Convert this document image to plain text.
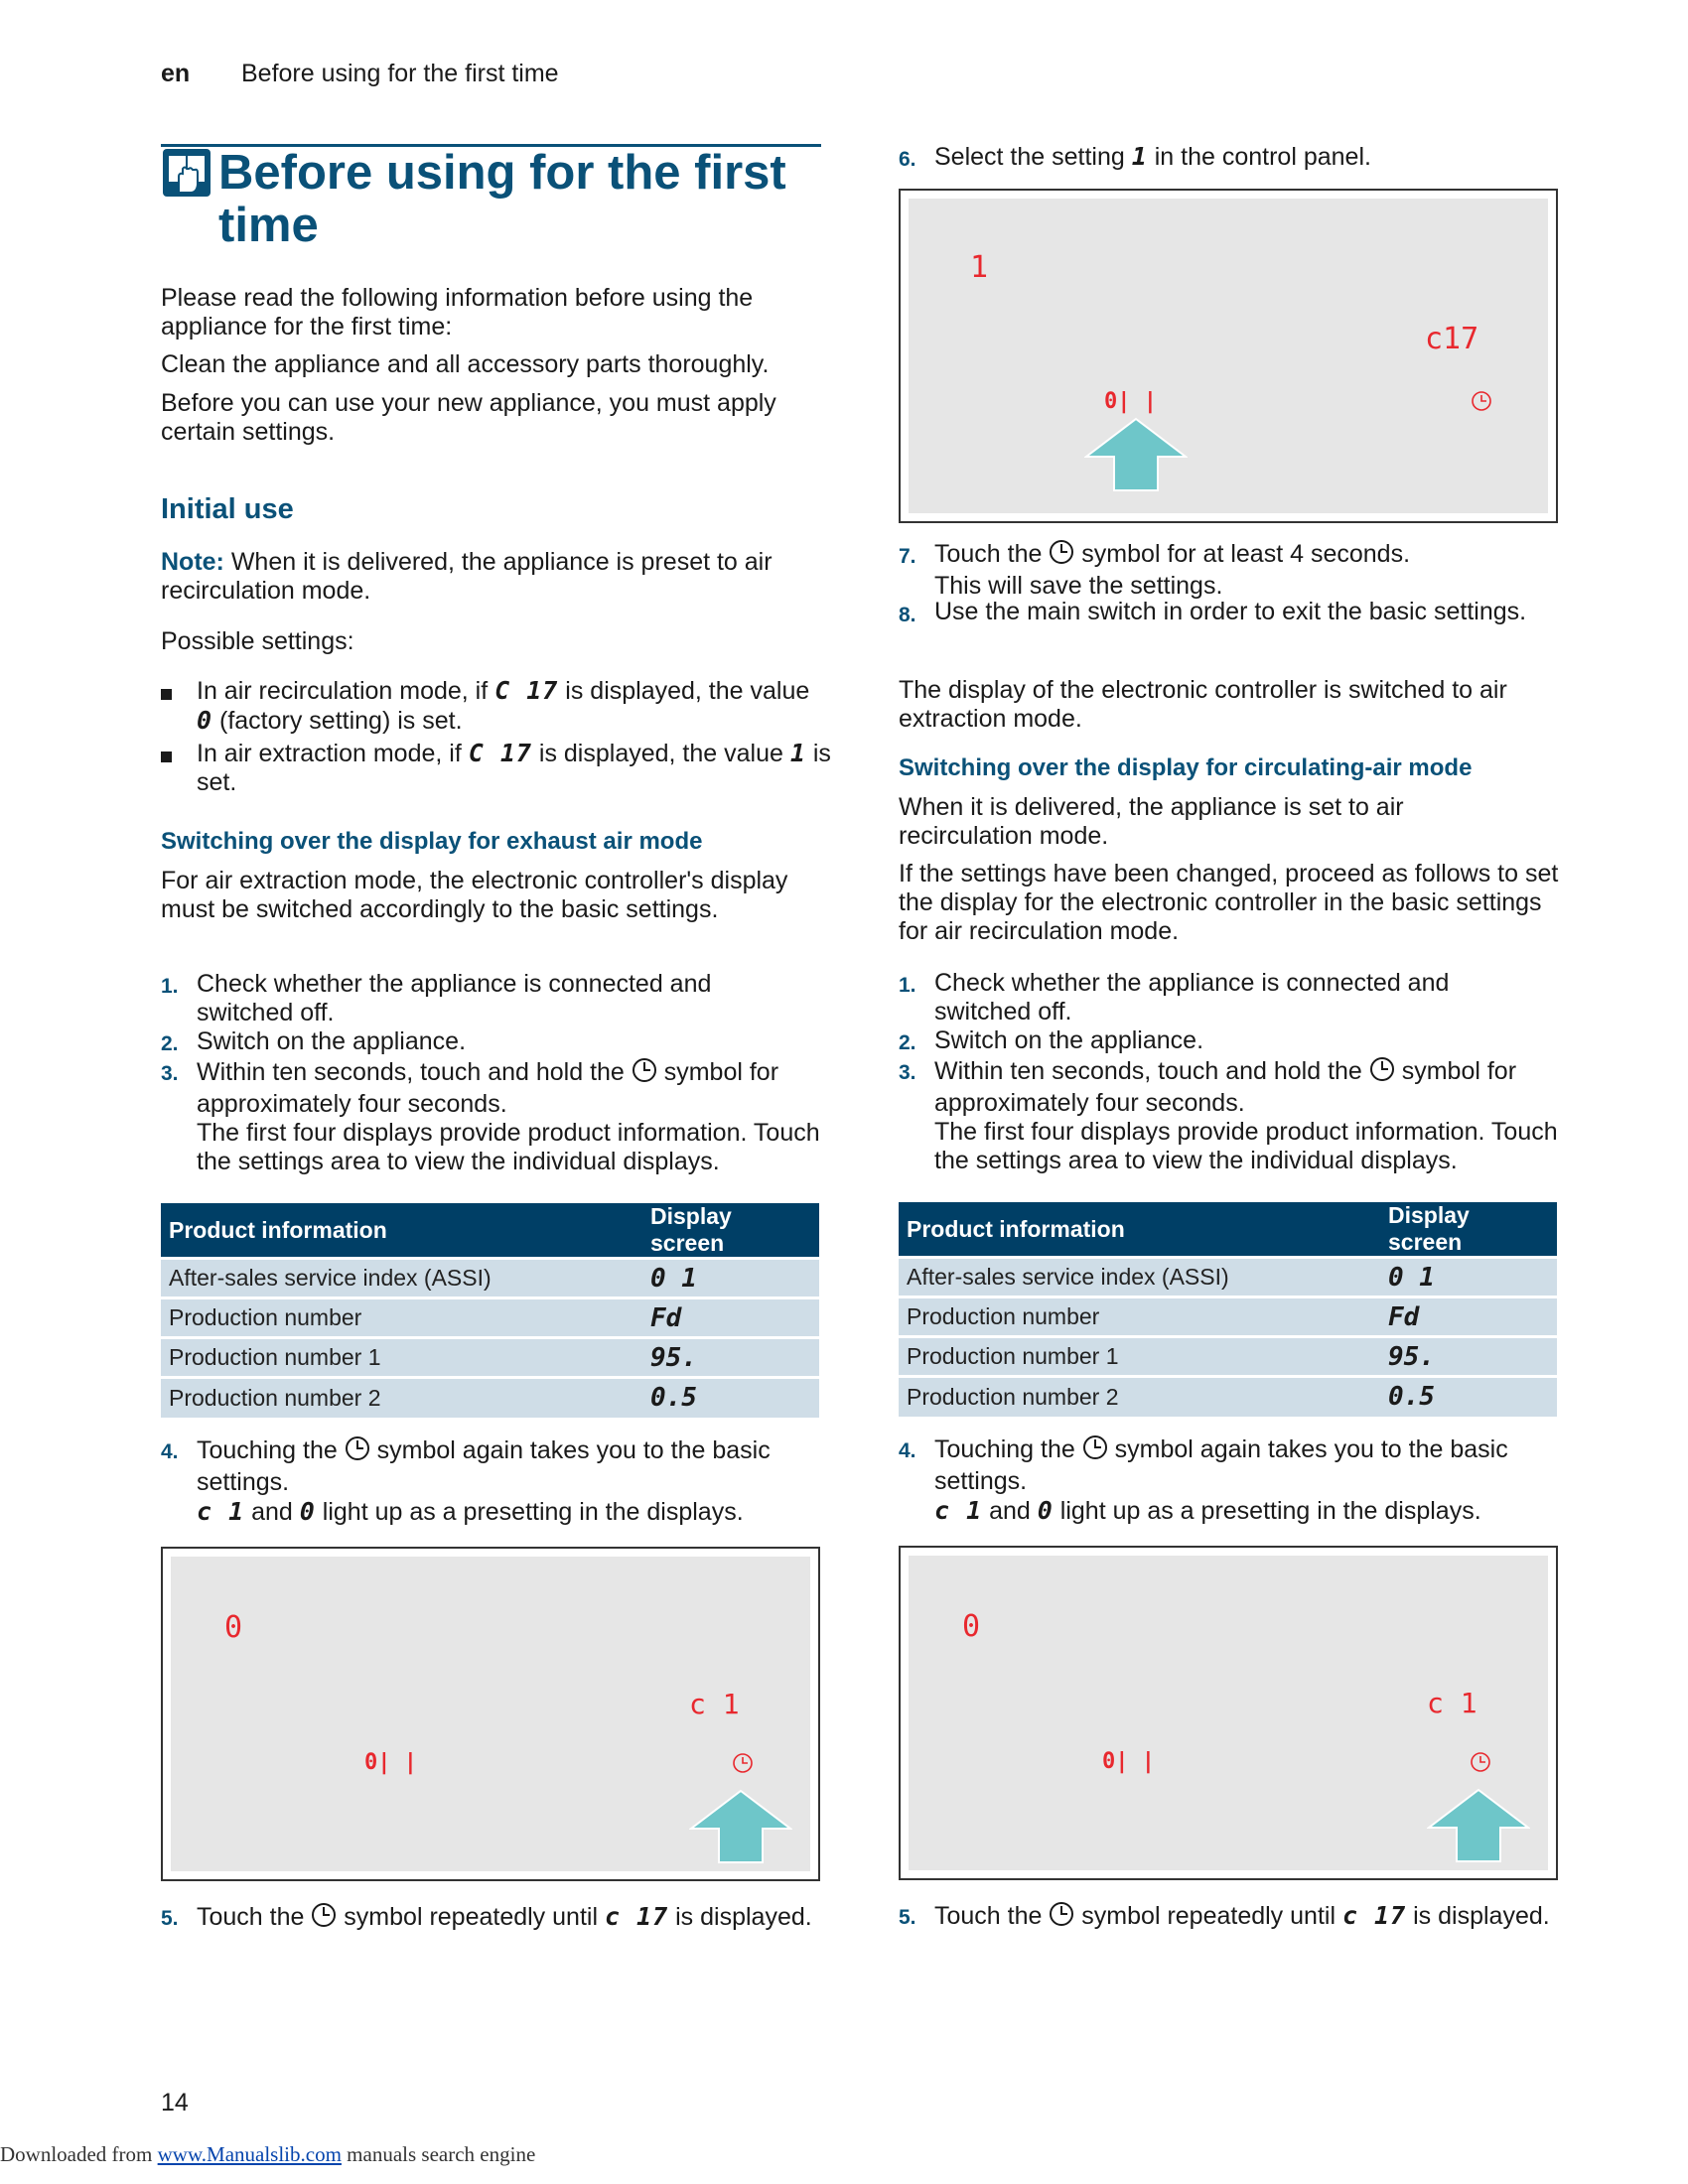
en Before using for the first time
Before using for the first time
Please read the following information before using the appliance for the first time:
Clean the appliance and all accessory parts thoroughly.
Before you can use your new appliance, you must apply certain settings.
Initial use
Note: When it is delivered, the appliance is preset to air recirculation mode.
Possible settings:
In air recirculation mode, if C 17 is displayed, the value 0 (factory setting) is set.
In air extraction mode, if C 17 is displayed, the value 1 is set.
Switching over the display for exhaust air mode
For air extraction mode, the electronic controller's display must be switched accordingly to the basic settings.
1. Check whether the appliance is connected and switched off.
2. Switch on the appliance.
3. Within ten seconds, touch and hold the  symbol for approximately four seconds.
The first four displays provide product information. Touch the settings area to view the individual displays.
Product information	Display screen
After-sales service index (ASSI)	0 1
Production number	Fd
Production number 1	95.
Production number 2	0.5
4. Touching the  symbol again takes you to the basic settings.
c 1 and 0 light up as a presetting in the displays.
0
c 1
0| |
5. Touch the  symbol repeatedly until c 17 is displayed.
6. Select the setting 1 in the control panel.
1
c17
0| |
7. Touch the  symbol for at least 4 seconds.
This will save the settings.
8. Use the main switch in order to exit the basic settings.
The display of the electronic controller is switched to air extraction mode.
Switching over the display for circulating-air mode
When it is delivered, the appliance is set to air recirculation mode.
If the settings have been changed, proceed as follows to set the display for the electronic controller in the basic settings for air recirculation mode.
1. Check whether the appliance is connected and switched off.
2. Switch on the appliance.
3. Within ten seconds, touch and hold the  symbol for approximately four seconds.
The first four displays provide product information. Touch the settings area to view the individual displays.
Product information	Display screen
After-sales service index (ASSI)	0 1
Production number	Fd
Production number 1	95.
Production number 2	0.5
4. Touching the  symbol again takes you to the basic settings.
c 1 and 0 light up as a presetting in the displays.
0
c 1
0| |
5. Touch the  symbol repeatedly until c 17 is displayed.
14
Downloaded from www.Manualslib.com manuals search engine
